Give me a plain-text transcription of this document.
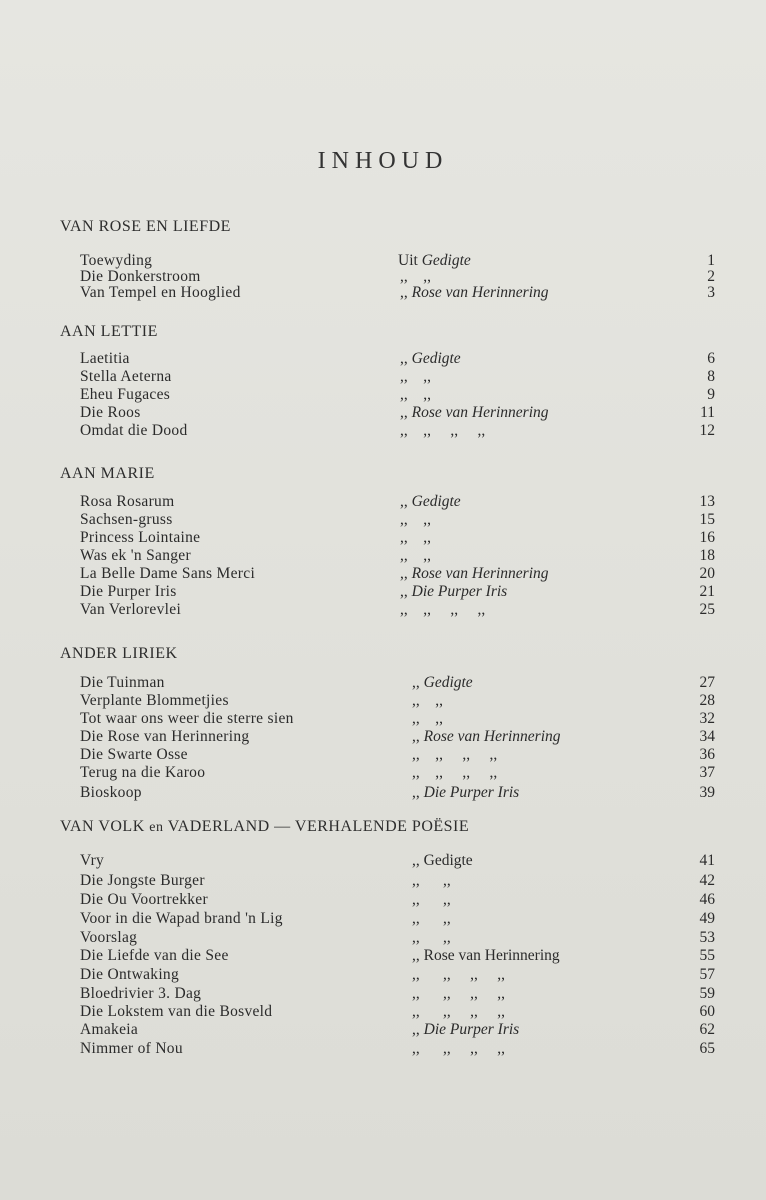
INHOUD
VAN ROSE EN LIEFDE
Toewyding	Uit Gedigte	1
Die Donkerstroom	,, ,,	2
Van Tempel en Hooglied	,, Rose van Herinnering	3
AAN LETTIE
Laetitia	,, Gedigte	6
Stella Aeterna	,, ,,	8
Eheu Fugaces	,, ,,	9
Die Roos	,, Rose van Herinnering	11
Omdat die Dood	,, ,,     ,,     ,,	12
AAN MARIE
Rosa Rosarum	,, Gedigte	13
Sachsen-gruss	,, ,,	15
Princess Lointaine	,, ,,	16
Was ek 'n Sanger	,, ,,	18
La Belle Dame Sans Merci	,, Rose van Herinnering	20
Die Purper Iris	,, Die Purper Iris	21
Van Verlorevlei	,, ,,     ,,     ,,	25
ANDER LIRIEK
Die Tuinman	,, Gedigte	27
Verplante Blommetjies	,, ,,	28
Tot waar ons weer die sterre sien	,, ,,	32
Die Rose van Herinnering	,, Rose van Herinnering	34
Die Swarte Osse	,, ,,     ,,     ,,	36
Terug na die Karoo	,, ,,     ,,     ,,	37
Bioskoop	,, Die Purper Iris	39
VAN VOLK en VADERLAND — VERHALENDE POËSIE
Vry	,, Gedigte	41
Die Jongste Burger	,, ,,	42
Die Ou Voortrekker	,, ,,	46
Voor in die Wapad brand 'n Lig	,, ,,	49
Voorslag	,, ,,	53
Die Liefde van die See	,, Rose van Herinnering	55
Die Ontwaking	,, ,,     ,,     ,,	57
Bloedrivier 3. Dag	,, ,,     ,,     ,,	59
Die Lokstem van die Bosveld	,, ,,     ,,     ,,	60
Amakeia	,, Die Purper Iris	62
Nimmer of Nou	,, ,,     ,,     ,,	65
